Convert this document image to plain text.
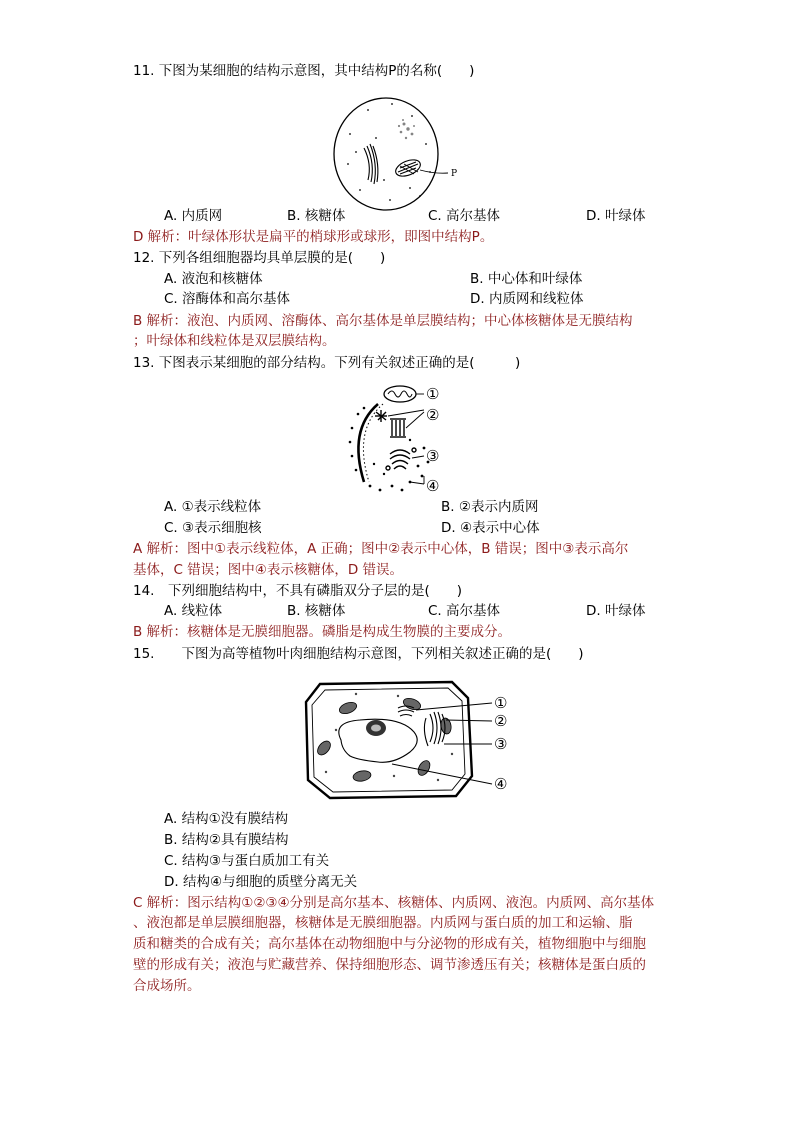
11. 下图为某细胞的结构示意图，其中结构P的名称(　　)
P
A. 内质网	B. 核糖体	C. 高尔基体	D. 叶绿体
D 解析：叶绿体形状是扁平的梢球形或球形，即图中结构P。
12. 下列各组细胞器均具单层膜的是(　　)
A. 液泡和核糖体	B. 中心体和叶绿体
C. 溶酶体和高尔基体	D. 内质网和线粒体
B 解析：液泡、内质网、溶酶体、高尔基体是单层膜结构；中心体核糖体是无膜结构
；叶绿体和线粒体是双层膜结构。
13. 下图表示某细胞的部分结构。下列有关叙述正确的是(　　　)
①
②
③
④
A. ①表示线粒体	B. ②表示内质网
C. ③表示细胞核	D. ④表示中心体
A 解析：图中①表示线粒体，A 正确；图中②表示中心体，B 错误；图中③表示高尔
基体，C 错误；图中④表示核糖体，D 错误。
14.　下列细胞结构中，不具有磷脂双分子层的是(　　)
A. 线粒体	B. 核糖体	C. 高尔基体	D. 叶绿体
B 解析：核糖体是无膜细胞器。磷脂是构成生物膜的主要成分。
15.　　下图为高等植物叶肉细胞结构示意图，下列相关叙述正确的是(　　)
①
②
③
④
A. 结构①没有膜结构
B. 结构②具有膜结构
C. 结构③与蛋白质加工有关
D. 结构④与细胞的质壁分离无关
C 解析：图示结构①②③④分别是高尔基本、核糖体、内质网、液泡。内质网、高尔基体
、液泡都是单层膜细胞器，核糖体是无膜细胞器。内质网与蛋白质的加工和运输、脂
质和糖类的合成有关；高尔基体在动物细胞中与分泌物的形成有关，植物细胞中与细胞
壁的形成有关；液泡与贮藏营养、保持细胞形态、调节渗透压有关；核糖体是蛋白质的
合成场所。
